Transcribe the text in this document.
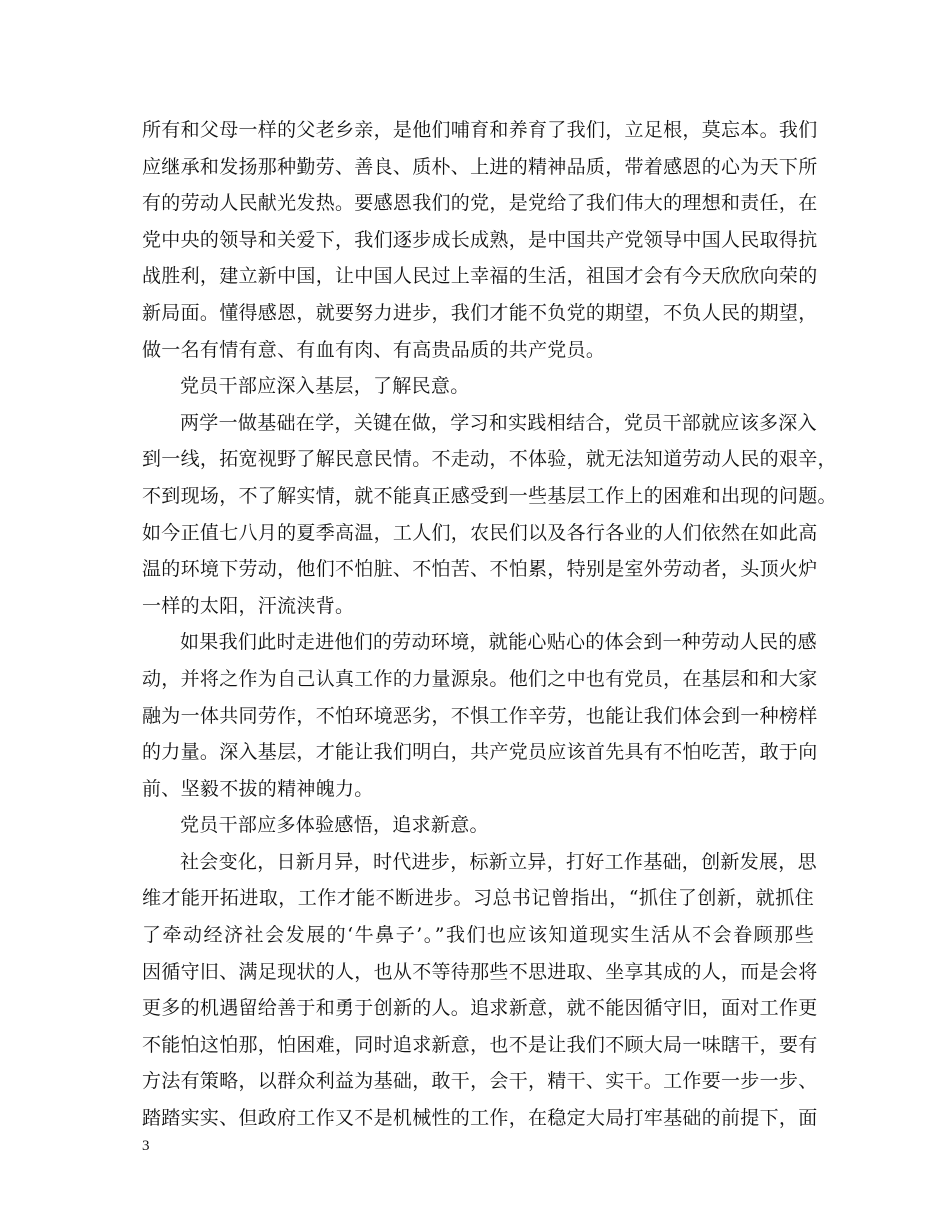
所有和父母一样的父老乡亲，是他们哺育和养育了我们，立足根，莫忘本。我们
应继承和发扬那种勤劳、善良、质朴、上进的精神品质，带着感恩的心为天下所
有的劳动人民献光发热。要感恩我们的党，是党给了我们伟大的理想和责任，在
党中央的领导和关爱下，我们逐步成长成熟，是中国共产党领导中国人民取得抗
战胜利，建立新中国，让中国人民过上幸福的生活，祖国才会有今天欣欣向荣的
新局面。懂得感恩，就要努力进步，我们才能不负党的期望，不负人民的期望，
做一名有情有意、有血有肉、有高贵品质的共产党员。
党员干部应深入基层，了解民意。
两学一做基础在学，关键在做，学习和实践相结合，党员干部就应该多深入
到一线，拓宽视野了解民意民情。不走动，不体验，就无法知道劳动人民的艰辛，
不到现场，不了解实情，就不能真正感受到一些基层工作上的困难和出现的问题。
如今正值七八月的夏季高温，工人们，农民们以及各行各业的人们依然在如此高
温的环境下劳动，他们不怕脏、不怕苦、不怕累，特别是室外劳动者，头顶火炉
一样的太阳，汗流浃背。
如果我们此时走进他们的劳动环境，就能心贴心的体会到一种劳动人民的感
动，并将之作为自己认真工作的力量源泉。他们之中也有党员，在基层和和大家
融为一体共同劳作，不怕环境恶劣，不惧工作辛劳，也能让我们体会到一种榜样
的力量。深入基层，才能让我们明白，共产党员应该首先具有不怕吃苦，敢于向
前、坚毅不拔的精神魄力。
党员干部应多体验感悟，追求新意。
社会变化，日新月异，时代进步，标新立异，打好工作基础，创新发展，思
维才能开拓进取，工作才能不断进步。习总书记曾指出，“抓住了创新，就抓住
了牵动经济社会发展的‘牛鼻子’。”我们也应该知道现实生活从不会眷顾那些
因循守旧、满足现状的人，也从不等待那些不思进取、坐享其成的人，而是会将
更多的机遇留给善于和勇于创新的人。追求新意，就不能因循守旧，面对工作更
不能怕这怕那，怕困难，同时追求新意，也不是让我们不顾大局一味瞎干，要有
方法有策略，以群众利益为基础，敢干，会干，精干、实干。工作要一步一步、
踏踏实实、但政府工作又不是机械性的工作，在稳定大局打牢基础的前提下，面
3
